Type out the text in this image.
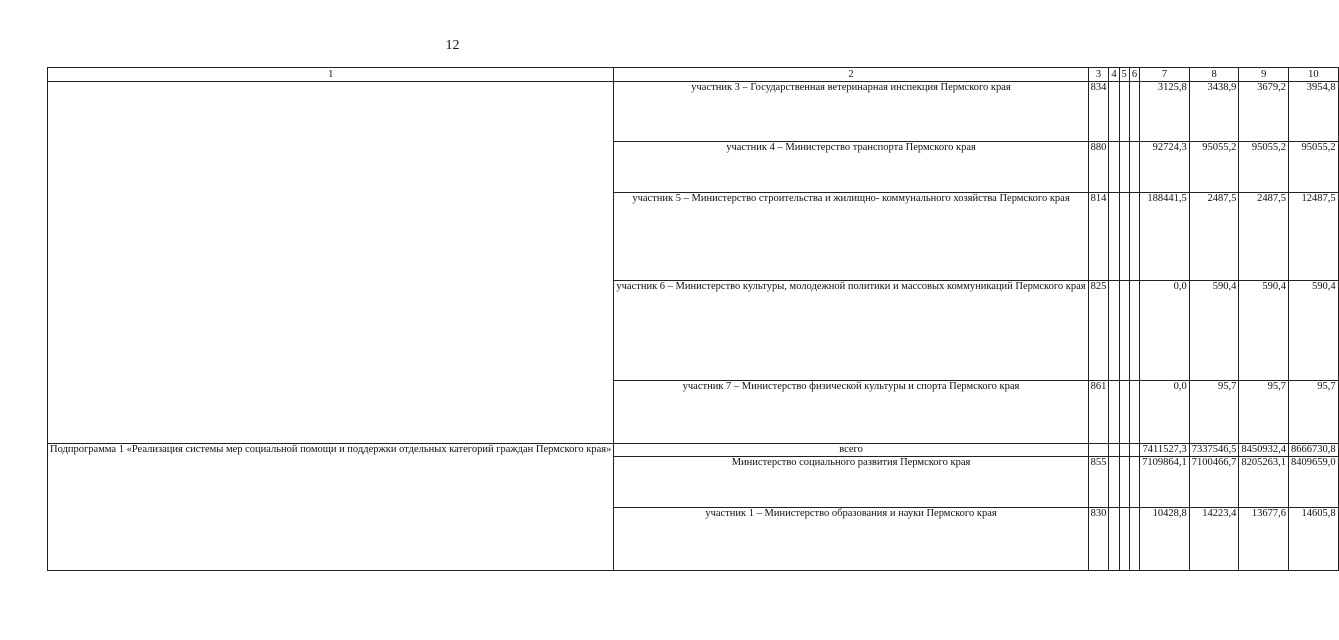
12
1	2	3	4	5	6	7	8	9	10
	участник 3 – Государственная ветеринарная инспекция Пермского края	834				3125,8	3438,9	3679,2	3954,8
	участник 4 – Министерство транспорта Пермского края	880				92724,3	95055,2	95055,2	95055,2
	участник 5 – Министерство строительства и жилищно- коммунального хозяйства Пермского края	814				188441,5	2487,5	2487,5	12487,5
	участник 6 – Министерство культуры, молодежной политики и массовых коммуникаций Пермского края	825				0,0	590,4	590,4	590,4
	участник 7 – Министерство физической культуры и спорта Пермского края	861				0,0	95,7	95,7	95,7
Подпрограмма 1 «Реализация системы мер социальной помощи и поддержки отдельных категорий граждан Пермского края»	всего					7411527,3	7337546,5	8450932,4	8666730,8
	Министерство социального развития Пермского края	855				7109864,1	7100466,7	8205263,1	8409659,0
	участник 1 – Министерство образования и науки Пермского края	830				10428,8	14223,4	13677,6	14605,8
